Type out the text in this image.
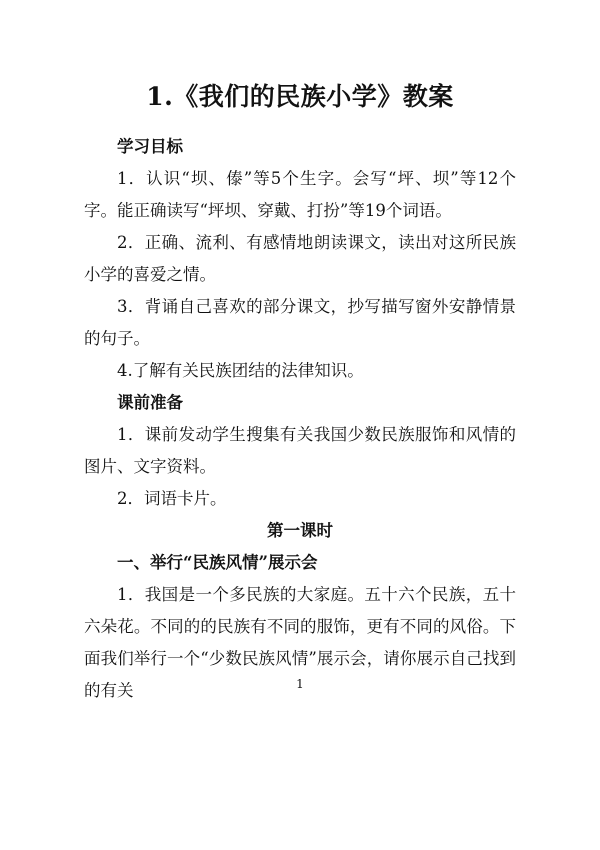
1.《我们的民族小学》教案

学习目标

1．认识“坝、傣”等5个生字。会写“坪、坝”等12个字。能正确读写“坪坝、穿戴、打扮”等19个词语。

2．正确、流利、有感情地朗读课文，读出对这所民族小学的喜爱之情。

3．背诵自己喜欢的部分课文，抄写描写窗外安静情景的句子。

4.了解有关民族团结的法律知识。

课前准备

1．课前发动学生搜集有关我国少数民族服饰和风情的图片、文字资料。

2．词语卡片。

第一课时

一、举行“民族风情”展示会

1．我国是一个多民族的大家庭。五十六个民族，五十六朵花。不同的的民族有不同的服饰，更有不同的风俗。下面我们举行一个“少数民族风情”展示会，请你展示自己找到的有关	1
